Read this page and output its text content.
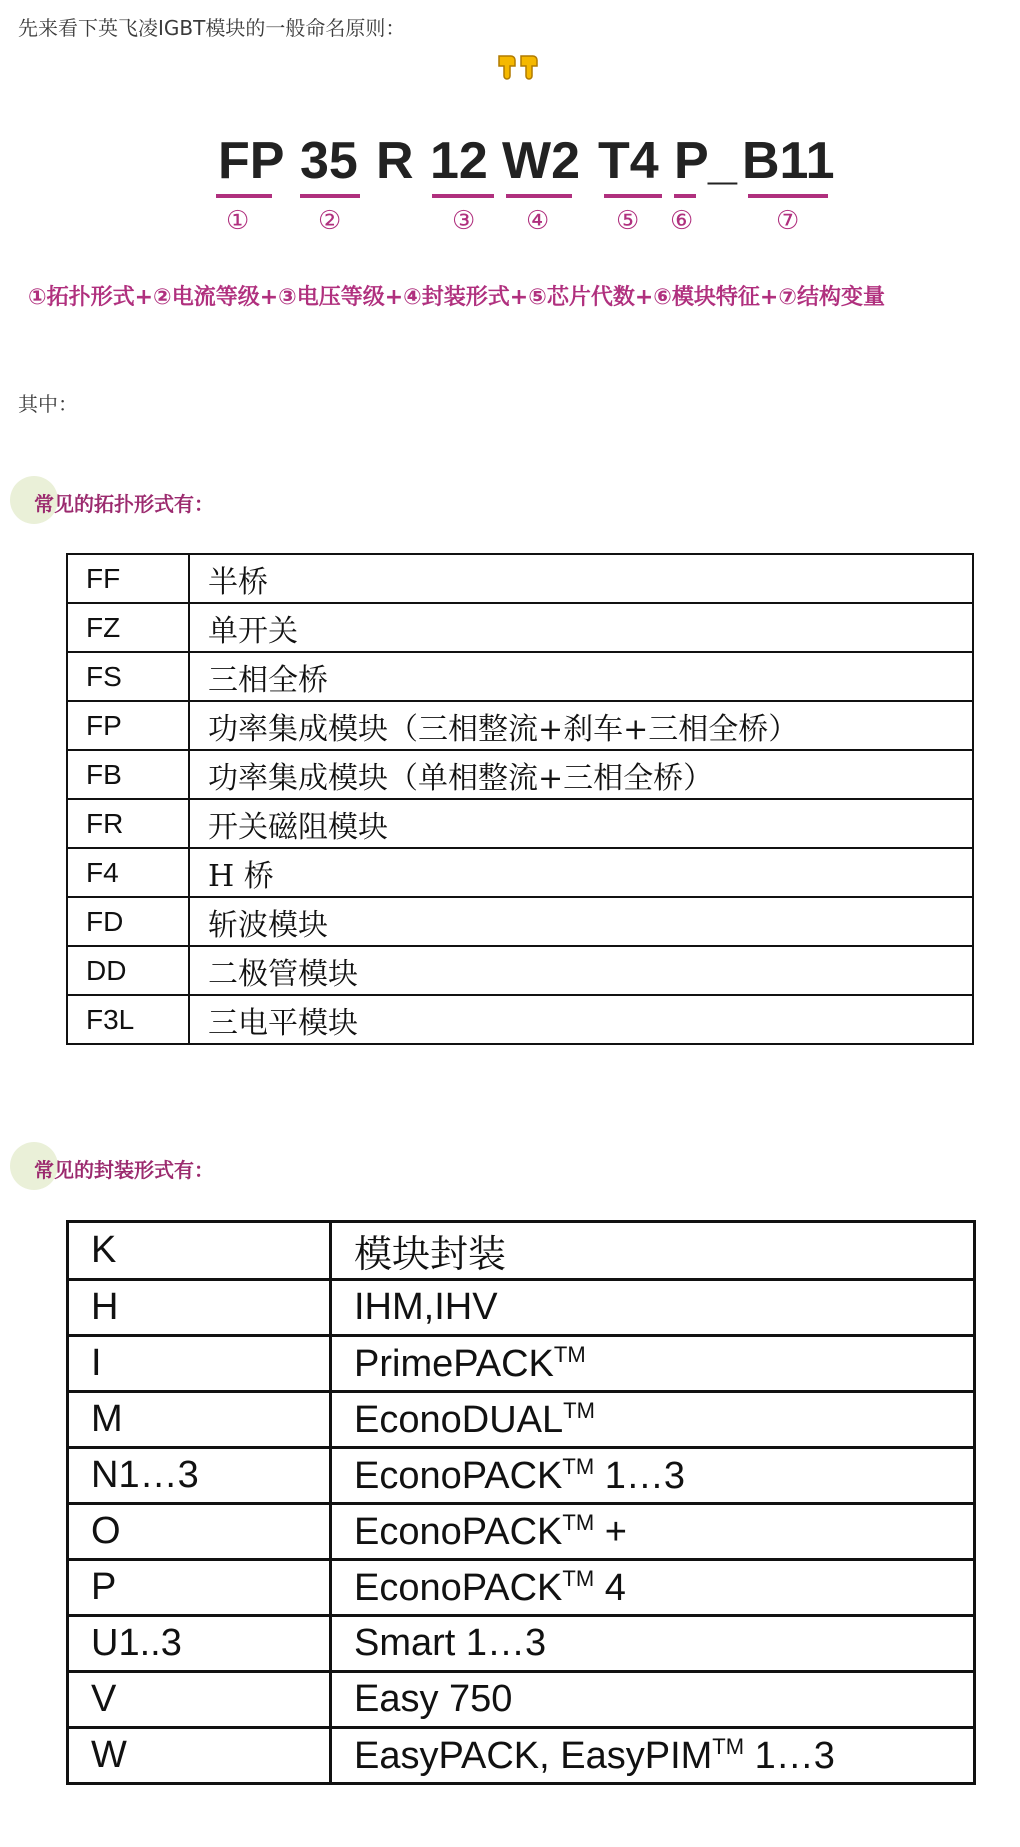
先来看下英飞凌IGBT模块的一般命名原则：
FP 35 R 12 W2 T4 P _ B11
①	②	③ ④	⑤ ⑥	⑦
①拓扑形式+②电流等级+③电压等级+④封装形式+⑤芯片代数+⑥模块特征+⑦结构变量
其中：
常见的拓扑形式有：
FF	半桥
FZ	单开关
FS	三相全桥
FP	功率集成模块（三相整流+刹车+三相全桥）
FB	功率集成模块（单相整流+三相全桥）
FR	开关磁阻模块
F4	H 桥
FD	斩波模块
DD	二极管模块
F3L	三电平模块
常见的封装形式有：
K	模块封装
H	IHM,IHV
I	PrimePACK™
M	EconoDUAL™
N1…3	EconoPACK™ 1…3
O	EconoPACK™ +
P	EconoPACK™ 4
U1..3	Smart 1…3
V	Easy 750
W	EasyPACK, EasyPIM™ 1…3
